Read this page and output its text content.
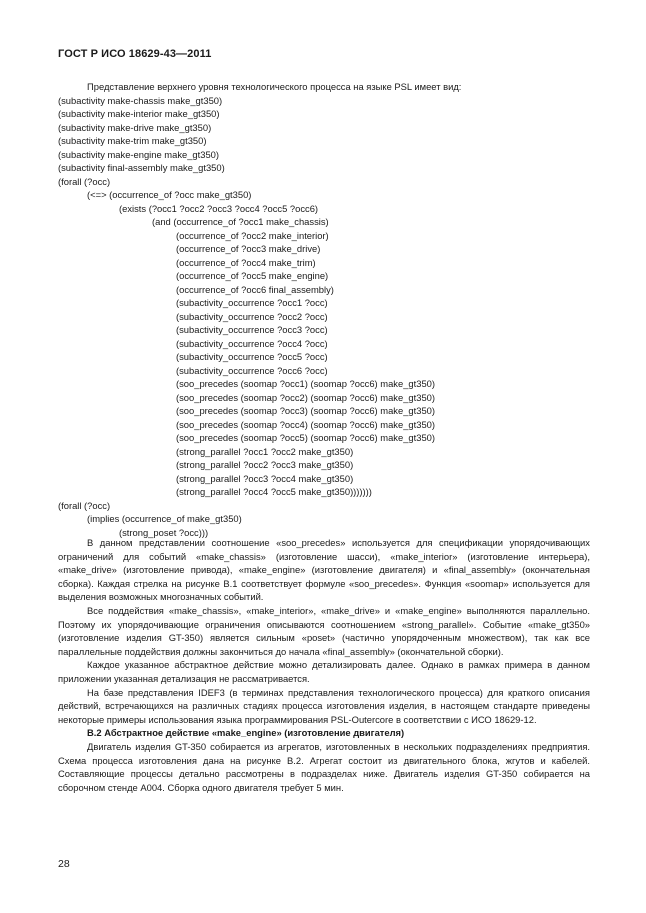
ГОСТ Р ИСО 18629-43—2011
Представление верхнего уровня технологического процесса на языке PSL имеет вид:
(subactivity make-chassis make_gt350)
(subactivity make-interior make_gt350)
(subactivity make-drive make_gt350)
(subactivity make-trim make_gt350)
(subactivity make-engine make_gt350)
(subactivity final-assembly make_gt350)
(forall (?occ)
(<=> (occurrence_of ?occ make_gt350)
(exists (?occ1 ?occ2 ?occ3 ?occ4 ?occ5 ?occ6)
(and (occurrence_of ?occ1 make_chassis)
(occurrence_of ?occ2 make_interior)
(occurrence_of ?occ3 make_drive)
(occurrence_of ?occ4 make_trim)
(occurrence_of ?occ5 make_engine)
(occurrence_of ?occ6 final_assembly)
(subactivity_occurrence ?occ1 ?occ)
(subactivity_occurrence ?occ2 ?occ)
(subactivity_occurrence ?occ3 ?occ)
(subactivity_occurrence ?occ4 ?occ)
(subactivity_occurrence ?occ5 ?occ)
(subactivity_occurrence ?occ6 ?occ)
(soo_precedes (soomap ?occ1) (soomap ?occ6) make_gt350)
(soo_precedes (soomap ?occ2) (soomap ?occ6) make_gt350)
(soo_precedes (soomap ?occ3) (soomap ?occ6) make_gt350)
(soo_precedes (soomap ?occ4) (soomap ?occ6) make_gt350)
(soo_precedes (soomap ?occ5) (soomap ?occ6) make_gt350)
(strong_parallel ?occ1 ?occ2 make_gt350)
(strong_parallel ?occ2 ?occ3 make_gt350)
(strong_parallel ?occ3 ?occ4 make_gt350)
(strong_parallel ?occ4 ?occ5 make_gt350)))))))
(forall (?occ)
(implies (occurrence_of make_gt350)
(strong_poset ?occ)))

В данном представлении соотношение «soo_precedes» используется для спецификации упорядочивающих ограничений для событий «make_chassis» (изготовление шасси), «make_interior» (изготовление интерьера), «make_drive» (изготовление привода), «make_engine» (изготовление двигателя) и «final_assembly» (окончательная сборка). Каждая стрелка на рисунке В.1 соответствует формуле «soo_precedes». Функция «soomap» используется для выделения возможных многозначных событий.

Все поддействия «make_chassis», «make_interior», «make_drive» и «make_engine» выполняются параллельно. Поэтому их упорядочивающие ограничения описываются соотношением «strong_parallel». Событие «make_gt350» (изготовление изделия GT-350) является сильным «poset» (частично упорядоченным множеством), так как все параллельные поддействия должны закончиться до начала «final_assembly» (окончательной сборки).

Каждое указанное абстрактное действие можно детализировать далее. Однако в рамках примера в данном приложении указанная детализация не рассматривается.

На базе представления IDEF3 (в терминах представления технологического процесса) для краткого описания действий, встречающихся на различных стадиях процесса изготовления изделия, в настоящем стандарте приведены некоторые примеры использования языка программирования PSL-Outercore в соответствии с ИСО 18629-12.

В.2 Абстрактное действие «make_engine» (изготовление двигателя)

Двигатель изделия GT-350 собирается из агрегатов, изготовленных в нескольких подразделениях предприятия. Схема процесса изготовления дана на рисунке В.2. Агрегат состоит из двигательного блока, жгутов и кабелей. Составляющие процессы детально рассмотрены в подразделах ниже. Двигатель изделия GT-350 собирается на сборочном стенде А004. Сборка одного двигателя требует 5 мин.

28
